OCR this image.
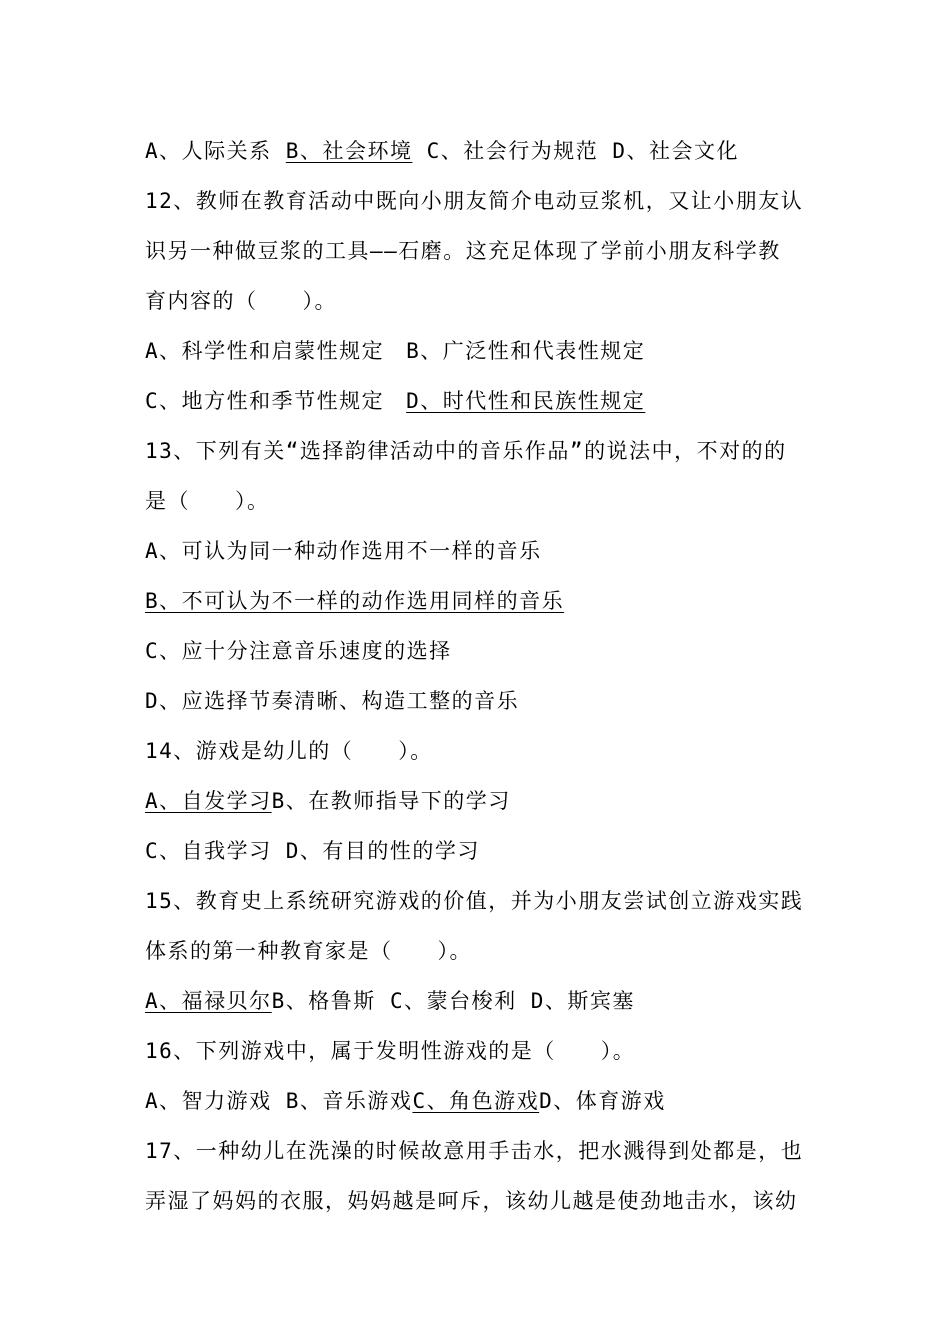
A、人际关系 B、社会环境 C、社会行为规范 D、社会文化
12、教师在教育活动中既向小朋友简介电动豆浆机，又让小朋友认
识另一种做豆浆的工具——石磨。这充足体现了学前小朋友科学教
育内容的（　　）。
A、科学性和启蒙性规定 B、广泛性和代表性规定
C、地方性和季节性规定 D、时代性和民族性规定
13、下列有关“选择韵律活动中的音乐作品”的说法中，不对的的
是（　　）。
A、可认为同一种动作选用不一样的音乐
B、不可认为不一样的动作选用同样的音乐
C、应十分注意音乐速度的选择
D、应选择节奏清晰、构造工整的音乐
14、游戏是幼儿的（　　）。
A、自发学习B、在教师指导下的学习
C、自我学习 D、有目的性的学习
15、教育史上系统研究游戏的价值，并为小朋友尝试创立游戏实践
体系的第一种教育家是（　　）。
A、福禄贝尔B、格鲁斯 C、蒙台梭利 D、斯宾塞
16、下列游戏中，属于发明性游戏的是（　　）。
A、智力游戏 B、音乐游戏C、角色游戏D、体育游戏
17、一种幼儿在洗澡的时候故意用手击水，把水溅得到处都是，也
弄湿了妈妈的衣服，妈妈越是呵斥，该幼儿越是使劲地击水，该幼
